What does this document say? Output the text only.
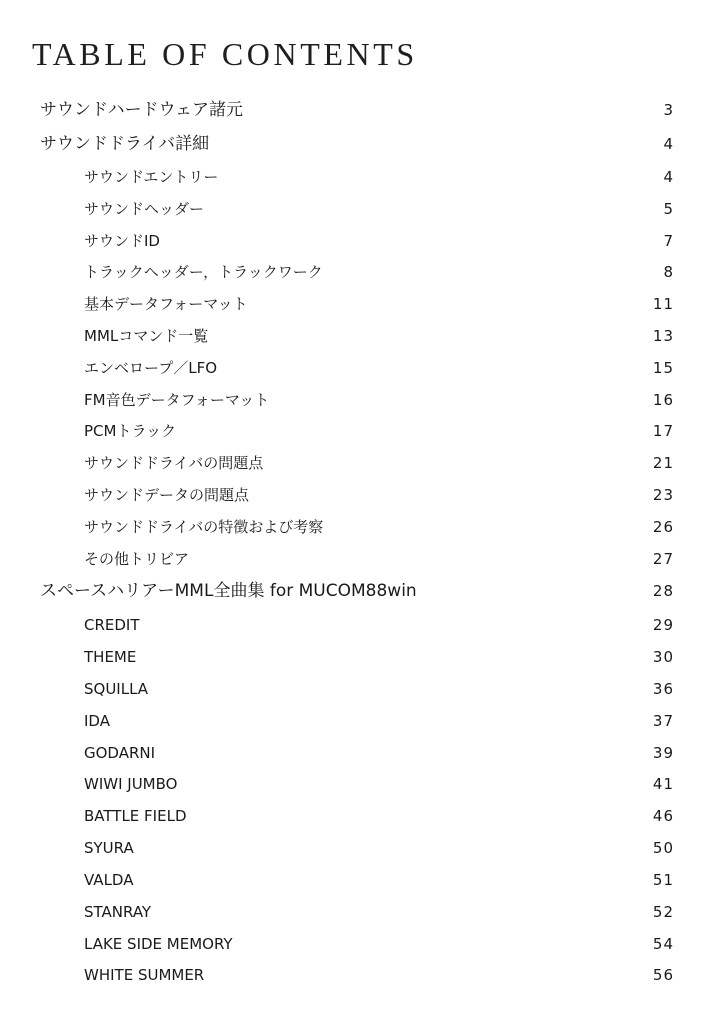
TABLE OF CONTENTS
サウンドハードウェア諸元	3
サウンドドライバ詳細	4
サウンドエントリー	4
サウンドヘッダー	5
サウンドID	7
トラックヘッダー，トラックワーク	8
基本データフォーマット	11
MMLコマンド一覧	13
エンベロープ／LFO	15
FM音色データフォーマット	16
PCMトラック	17
サウンドドライバの問題点	21
サウンドデータの問題点	23
サウンドドライバの特徴および考察	26
その他トリビア	27
スペースハリアーMML全曲集 for MUCOM88win	28
CREDIT	29
THEME	30
SQUILLA	36
IDA	37
GODARNI	39
WIWI JUMBO	41
BATTLE FIELD	46
SYURA	50
VALDA	51
STANRAY	52
LAKE SIDE MEMORY	54
WHITE SUMMER	56
